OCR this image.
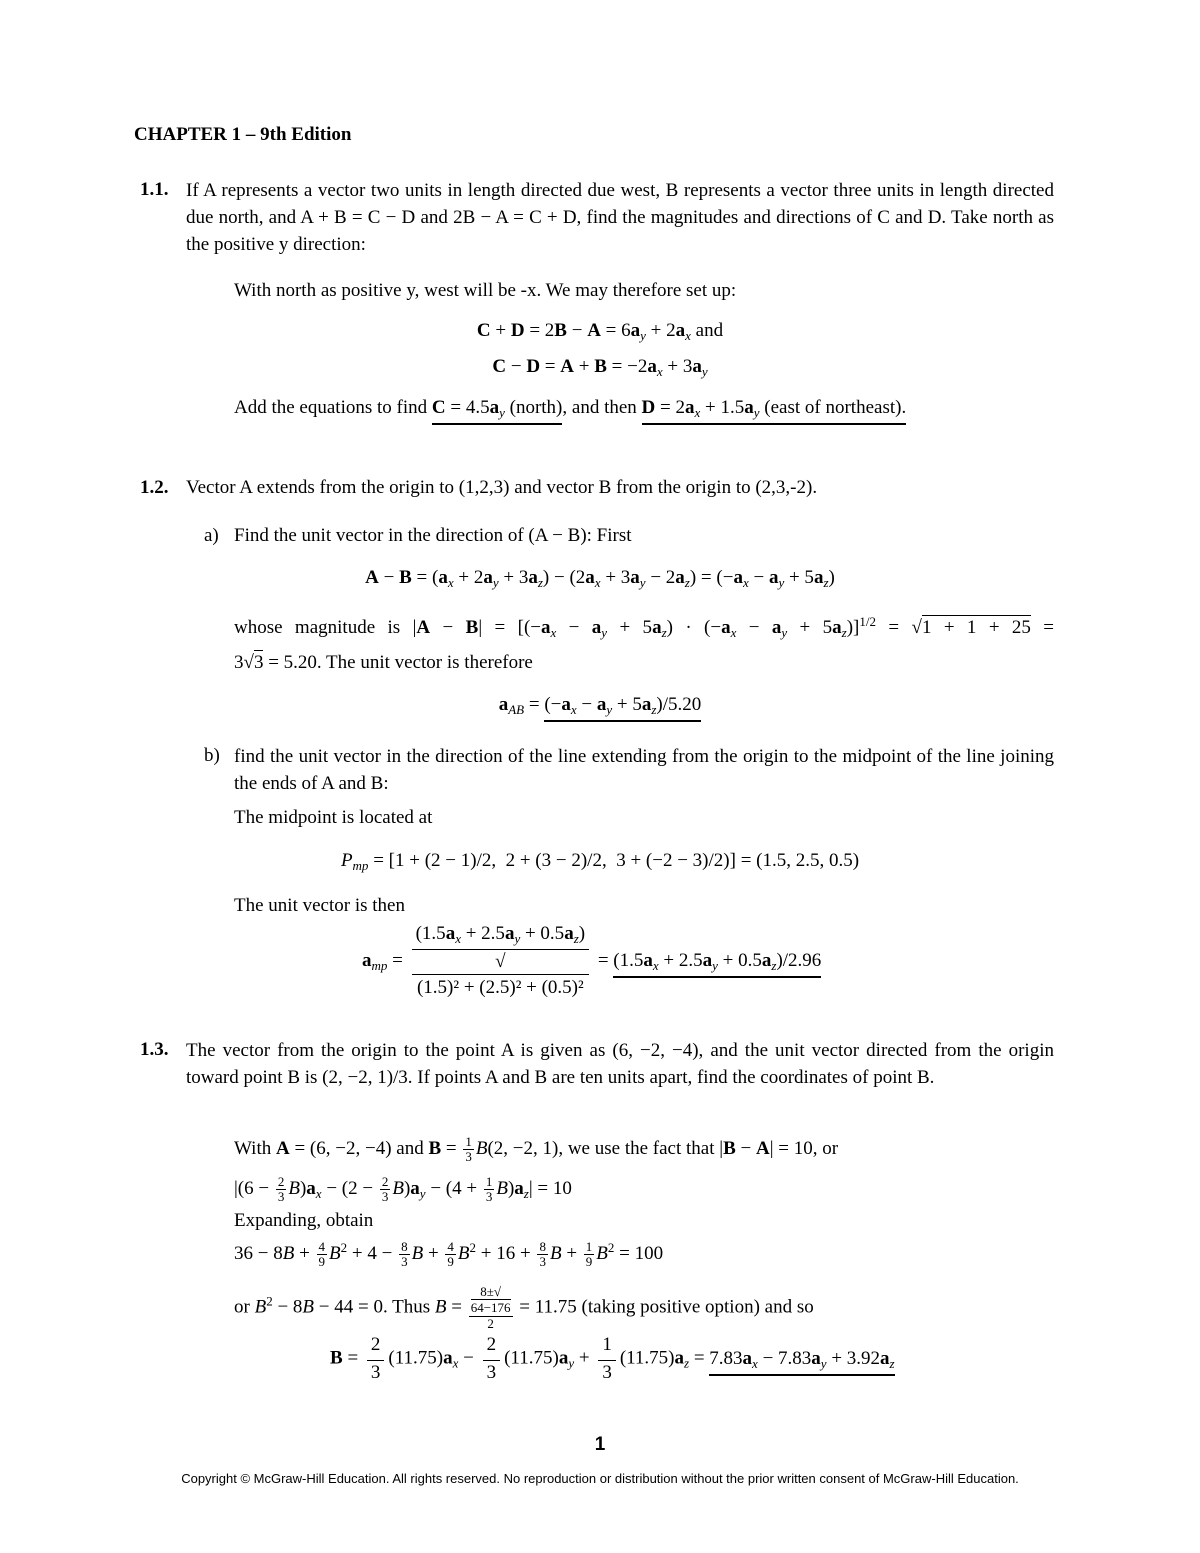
CHAPTER 1 – 9th Edition
1.1. If A represents a vector two units in length directed due west, B represents a vector three units in length directed due north, and A + B = C − D and 2B − A = C + D, find the magnitudes and directions of C and D. Take north as the positive y direction:
With north as positive y, west will be -x. We may therefore set up:
$C + D = 2B - A = 6a_y + 2a_x$ and
$C - D = A + B = -2a_x + 3a_y$
Add the equations to find $C = 4.5a_y$ (north), and then $D = 2a_x + 1.5a_y$ (east of northeast).
1.2. Vector A extends from the origin to (1,2,3) and vector B from the origin to (2,3,-2).
a) Find the unit vector in the direction of (A − B): First
$A - B = (a_x + 2a_y + 3a_z) - (2a_x + 3a_y - 2a_z) = (-a_x - a_y + 5a_z)$
whose magnitude is $|A - B| = [(-a_x - a_y + 5a_z) \cdot (-a_x - a_y + 5a_z)]^{1/2} = √1 + 1 + 25$ =
3√3 = 5.20. The unit vector is therefore
$a_{AB} = (-a_x - a_y + 5a_z)/5.20$
b) find the unit vector in the direction of the line extending from the origin to the midpoint of the line joining the ends of A and B:
The midpoint is located at
$P_{mp} = [1 + (2 - 1)/2$,  2 + (3 − 2)/2,  3 + (−2 − 3)/2)] = (1.5, 2.5, 0.5)
The unit vector is then
$a_{mp} = (1.5a_x + 2.5a_y + 0.5a_z)$
√
$(1.5)^2 + (2.5)^2 + (0.5)^2 = (1.5a_x + 2.5a_y + 0.5a_z)/2.96$
1.3. The vector from the origin to the point A is given as (6, −2, −4), and the unit vector directed from the origin toward point B is (2, −2, 1)/3. If points A and B are ten units apart, find the coordinates of point B.
With A = (6, −2, −4) and $B = \frac{1}{3} B(2$, −2, 1), we use the fact that |B − A| = 10, or
$|(6 - \frac{2}{3} B)a_x - (2 - \frac{2}{3} B)a_y - (4 + \frac{1}{3} B)a_z| = 10$
Expanding, obtain
$36 - 8B + \frac{4}{9} B^2 + 4 - \frac{8}{3}$ $B + \frac{4}{9} B^2 + 16 + \frac{8}{3}$ $B + \frac{1}{9} B^2 = 100$
or $B^2 - 8B - 44 = 0$. Thus B = 8±√
64−176
2 = 11.75 (taking positive option) and so
$B = \frac{2}{3} (11.75)a_x - \frac{2}{3} (11.75)a_y + \frac{1}{3} (11.75)a_z = 7.83a_x - 7.83a_y + 3.92a_z$
1
Copyright © McGraw-Hill Education. All rights reserved. No reproduction or distribution without the prior written consent of McGraw-Hill Education.
